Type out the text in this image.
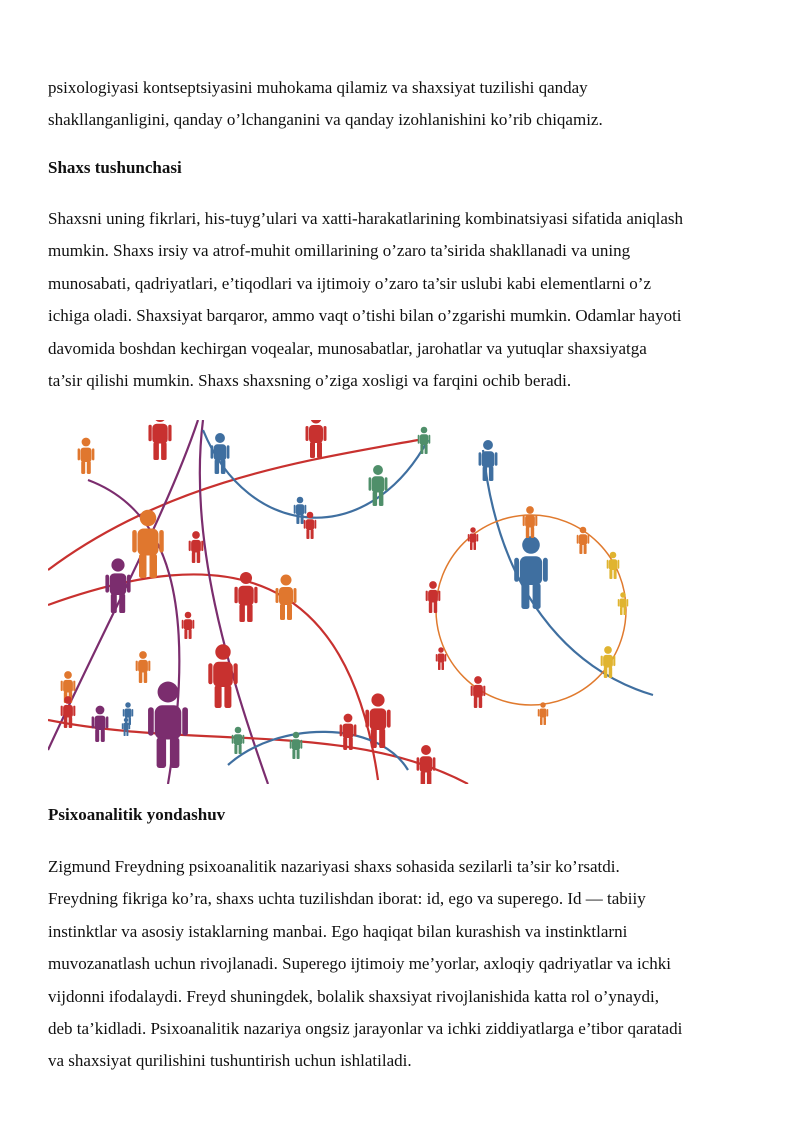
psixologiyasi kontseptsiyasini muhokama qilamiz va shaxsiyat tuzilishi qanday
shakllanganligini, qanday o’lchanganini va qanday izohlanishini ko’rib chiqamiz.
Shaxs tushunchasi
Shaxsni uning fikrlari, his-tuyg’ulari va xatti-harakatlarining kombinatsiyasi sifatida aniqlash
mumkin. Shaxs irsiy va atrof-muhit omillarining o’zaro ta’sirida shakllanadi va uning
munosabati, qadriyatlari, e’tiqodlari va ijtimoiy o’zaro ta’sir uslubi kabi elementlarni o’z
ichiga oladi. Shaxsiyat barqaror, ammo vaqt o’tishi bilan o’zgarishi mumkin. Odamlar hayoti
davomida boshdan kechirgan voqealar, munosabatlar, jarohatlar va yutuqlar shaxsiyatga
ta’sir qilishi mumkin. Shaxs shaxsning o’ziga xosligi va farqini ochib beradi.
Psixoanalitik yondashuv
Zigmund Freydning psixoanalitik nazariyasi shaxs sohasida sezilarli ta’sir ko’rsatdi.
Freydning fikriga ko’ra, shaxs uchta tuzilishdan iborat: id, ego va superego. Id — tabiiy
instinktlar va asosiy istaklarning manbai. Ego haqiqat bilan kurashish va instinktlarni
muvozanatlash uchun rivojlanadi. Superego ijtimoiy me’yorlar, axloqiy qadriyatlar va ichki
vijdonni ifodalaydi. Freyd shuningdek, bolalik shaxsiyat rivojlanishida katta rol o’ynaydi,
deb ta’kidladi. Psixoanalitik nazariya ongsiz jarayonlar va ichki ziddiyatlarga e’tibor qaratadi
va shaxsiyat qurilishini tushuntirish uchun ishlatiladi.
